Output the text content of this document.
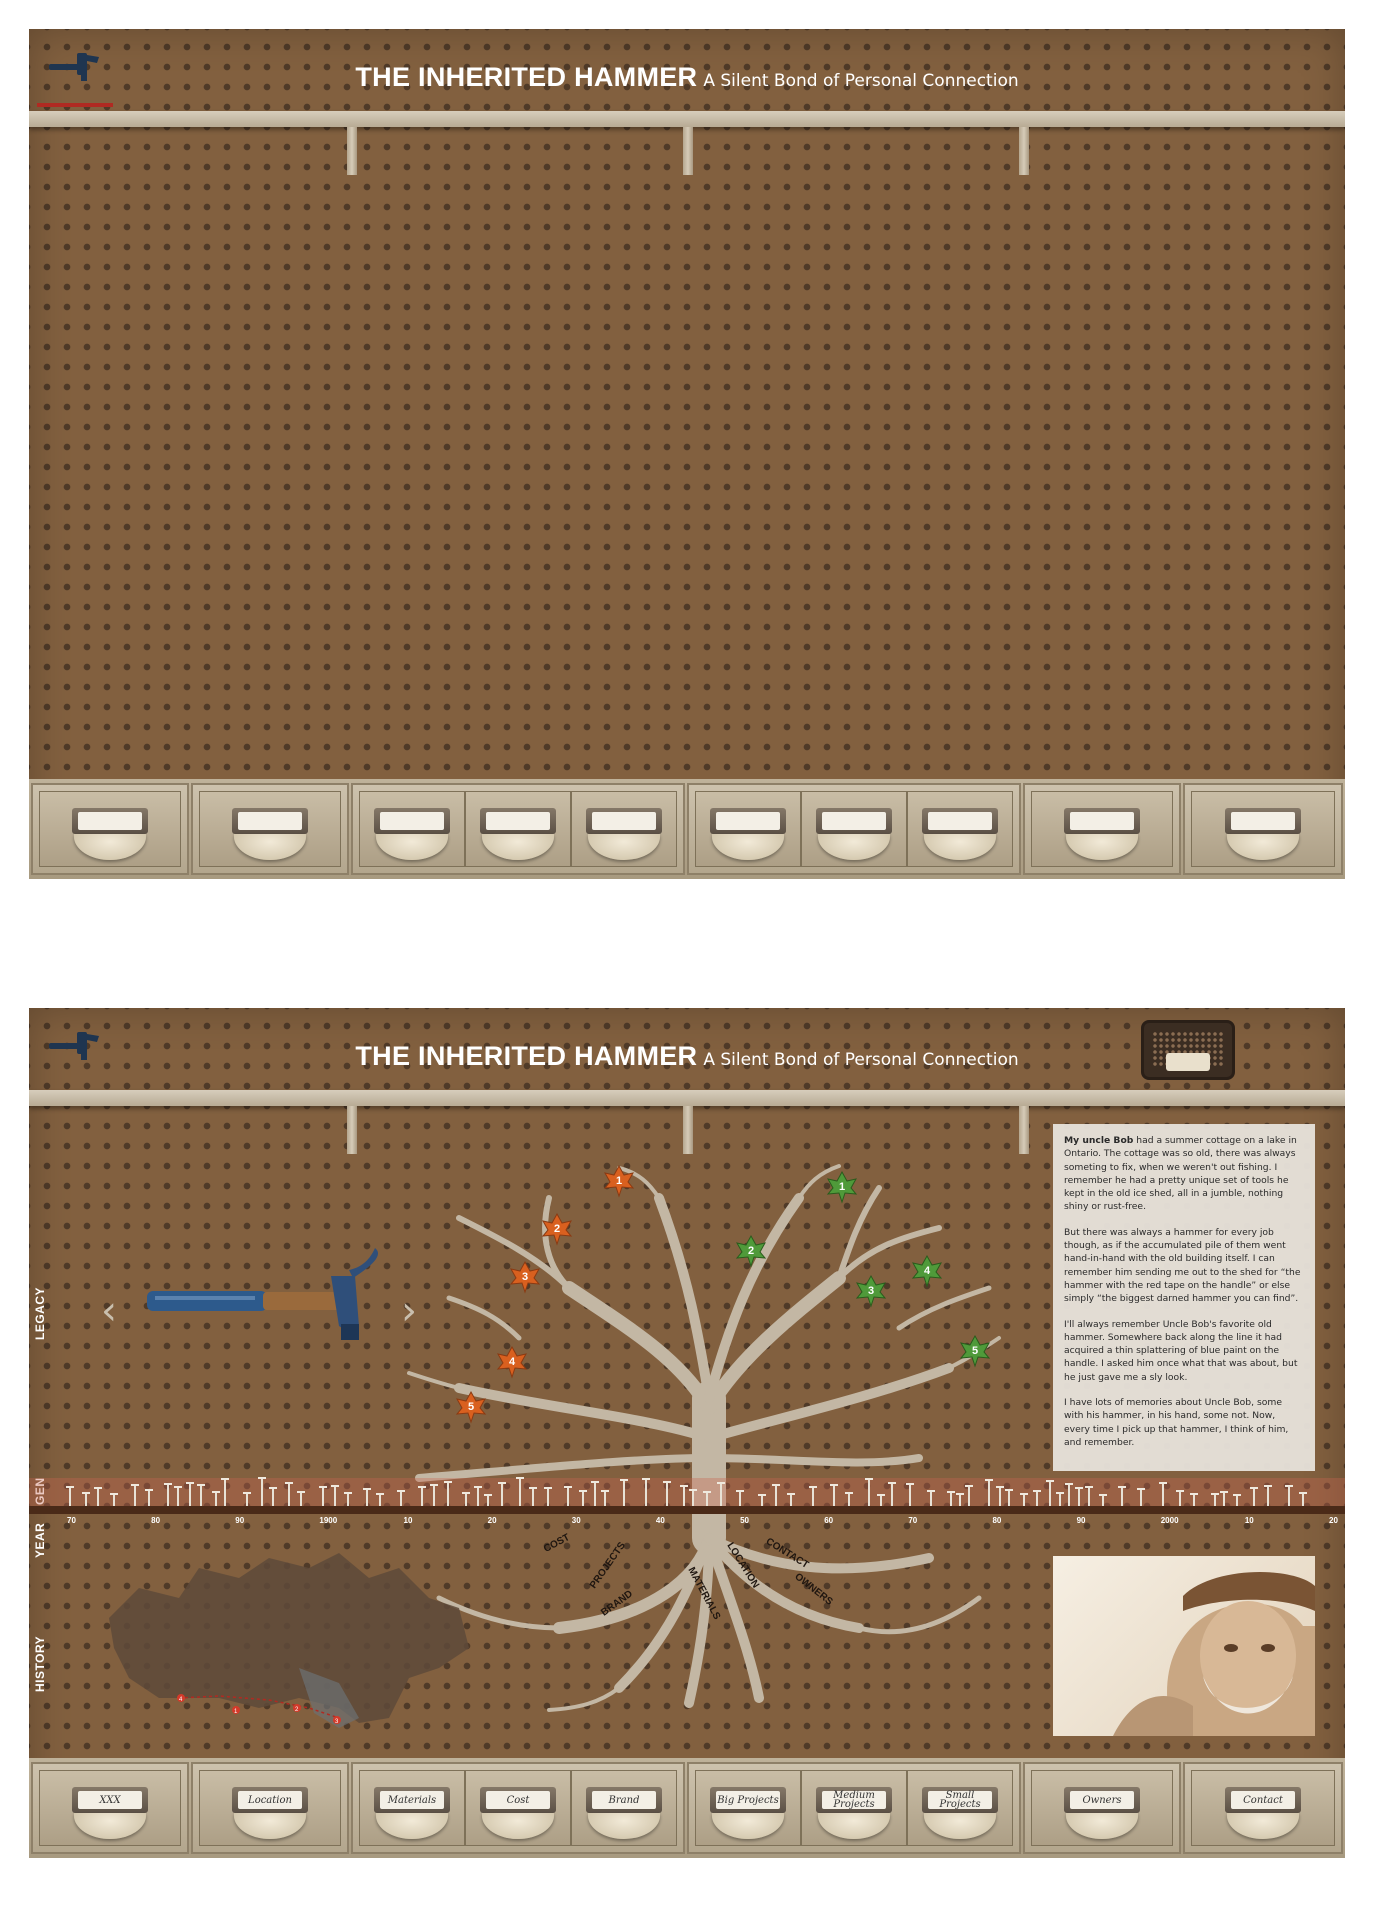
THE INHERITED HAMMER A Silent Bond of Personal Connection
THE INHERITED HAMMER A Silent Bond of Personal Connection
LEGACY
GEN
YEAR
HISTORY
‹	›
1
2
3
4
5
1
2
3
4
5
70	80	90	1900	10	20	30	40	50	60	70	80	90	2000	10	20
COST PROJECTS
BRAND	MATERIALS LOCATION CONTACT
OWNERS
4
1	2
3

My uncle Bob had a summer cottage on a lake in Ontario. The cottage was so old, there was always someting to fix, when we weren't out fishing. I remember he had a pretty unique set of tools he kept in the old ice shed, all in a jumble, nothing shiny or rust-free.

But there was always a hammer for every job though, as if the accumulated pile of them went hand-in-hand with the old building itself. I can remember him sending me out to the shed for “the hammer with the red tape on the handle” or else simply “the biggest darned hammer you can find”.

I'll always remember Uncle Bob's favorite old hammer. Somewhere back along the line it had acquired a thin splattering of blue paint on the handle. I asked him once what that was about, but he just gave me a sly look.

I have lots of memories about Uncle Bob, some with his hammer, in his hand, some not. Now, every time I pick up that hammer, I think of him, and remember.

XXX	Location	Materials	Cost	Brand	Big Projects	Medium Projects
Small Projects	Owners	Contact
